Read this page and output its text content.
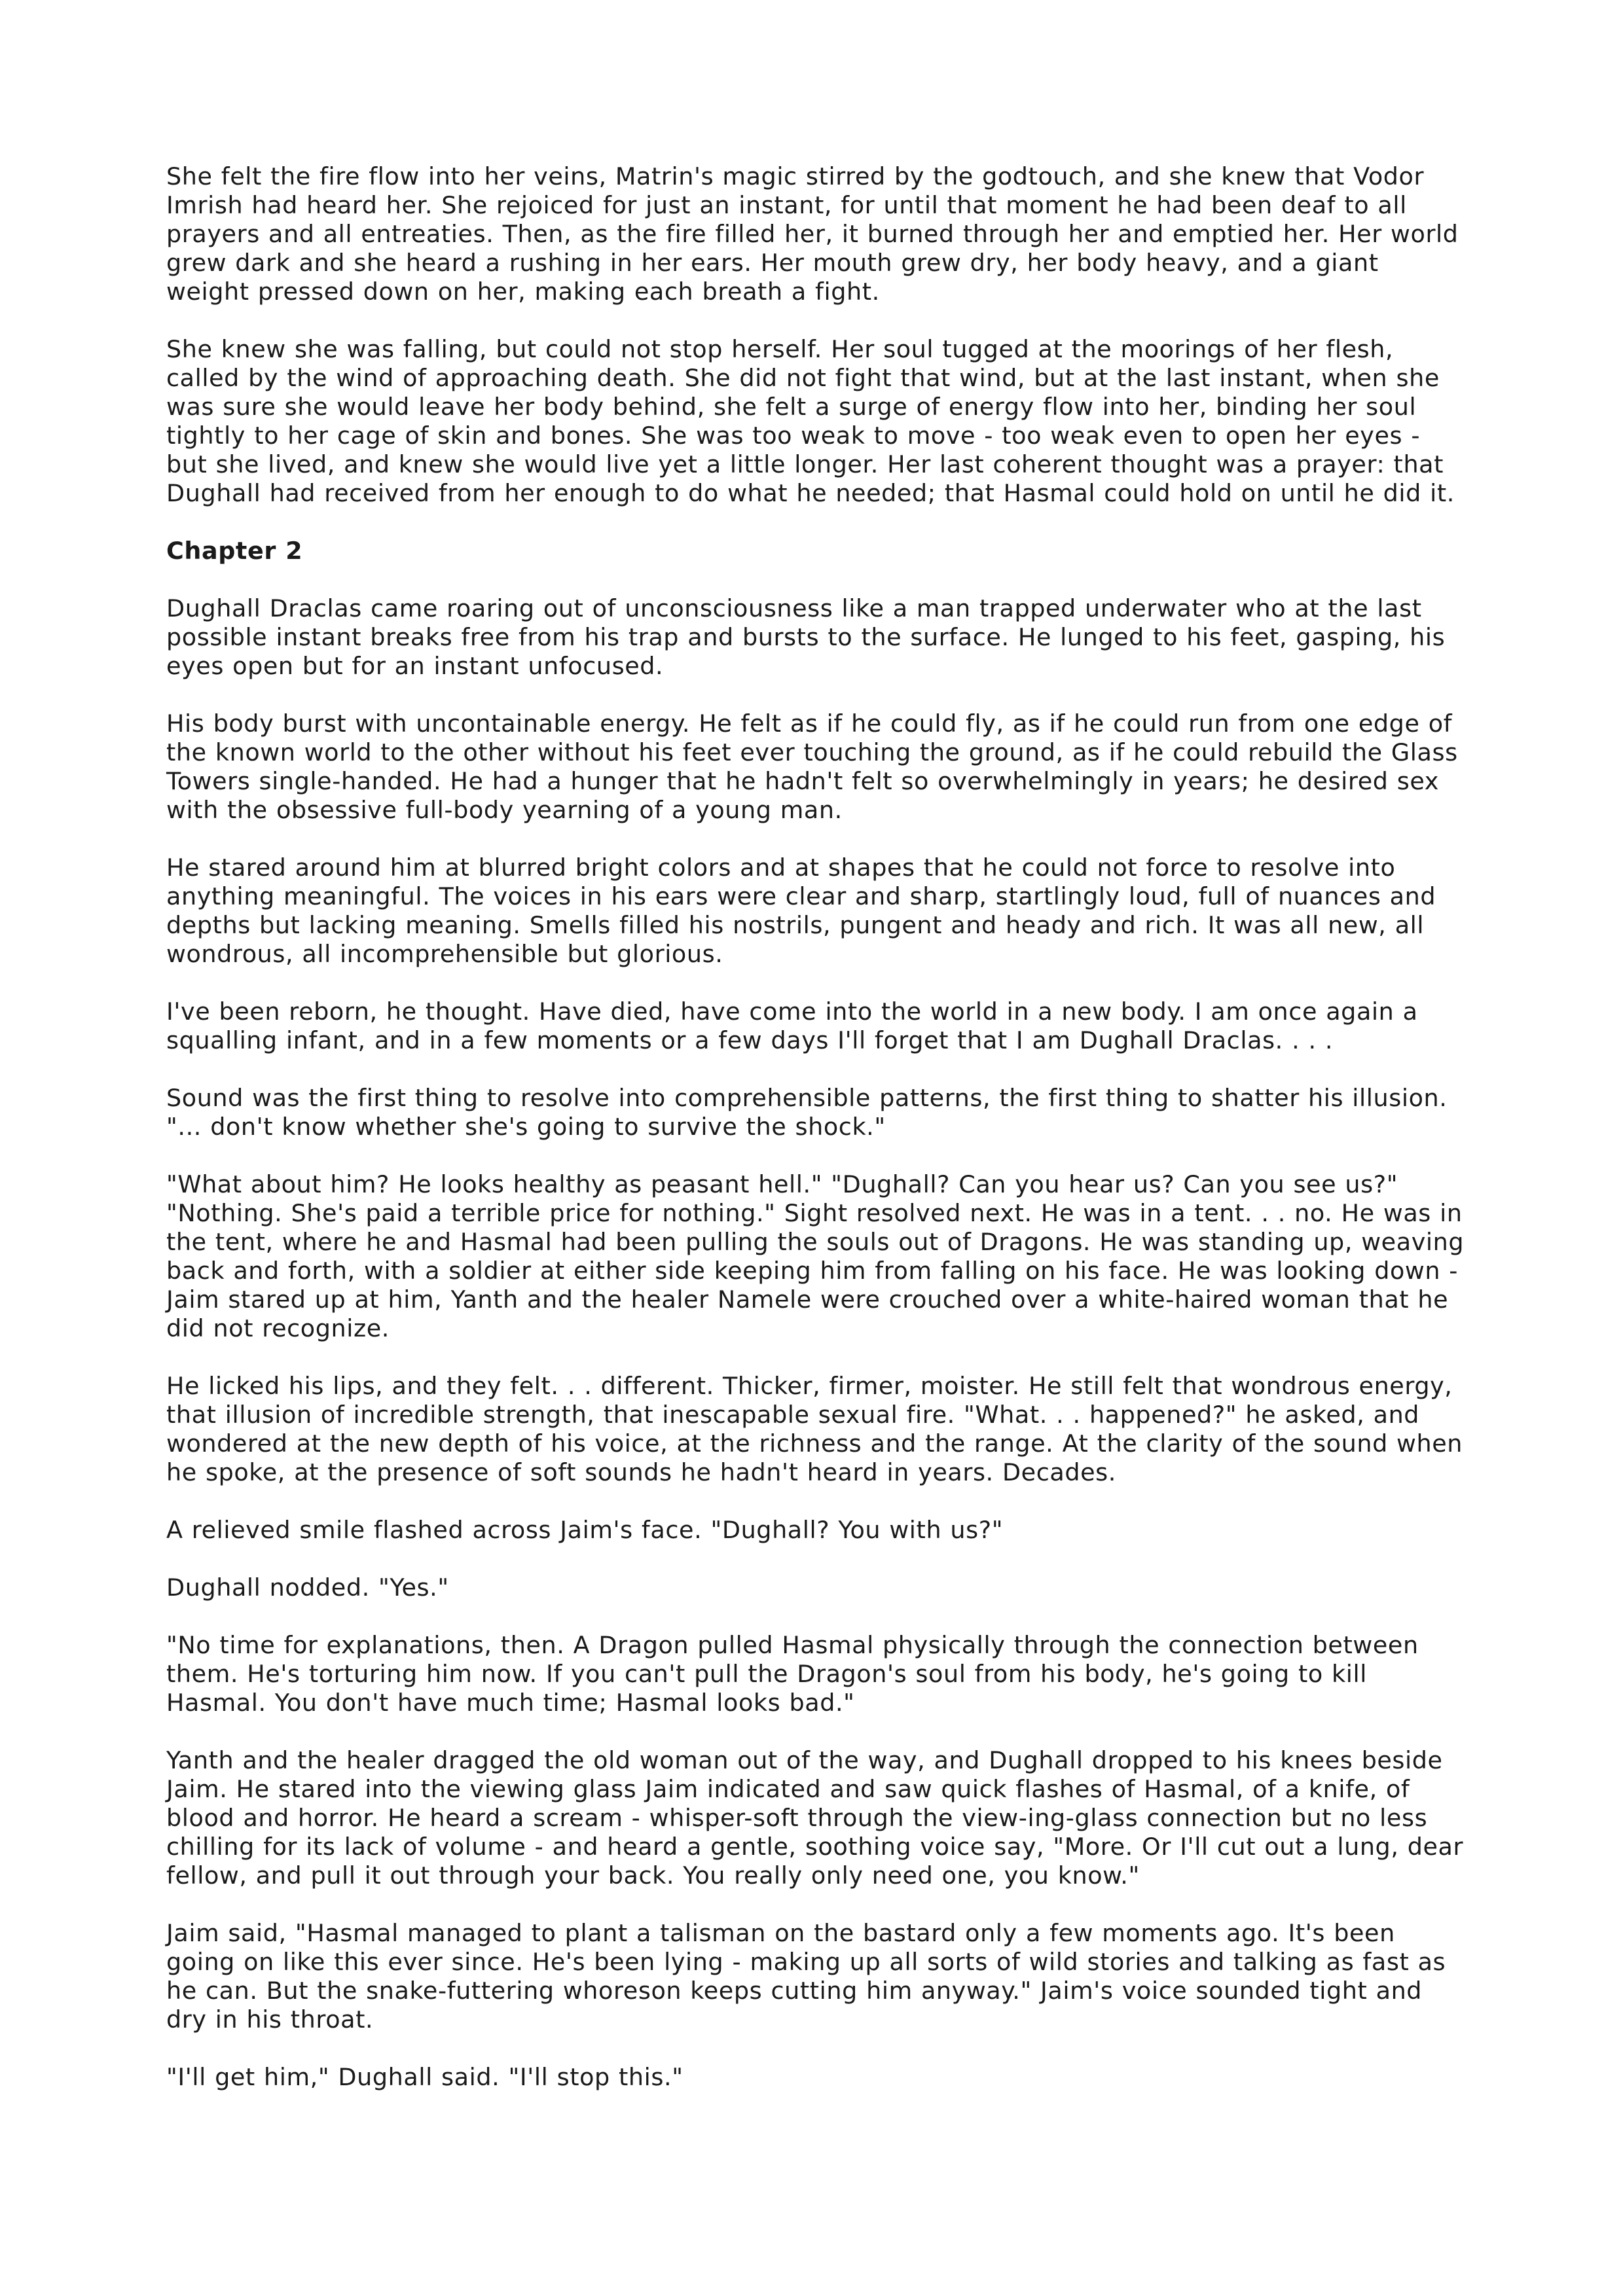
She felt the fire flow into her veins, Matrin's magic stirred by the godtouch, and she knew that Vodor Imrish had heard her. She rejoiced for just an instant, for until that moment he had been deaf to all prayers and all entreaties. Then, as the fire filled her, it burned through her and emptied her. Her world grew dark and she heard a rushing in her ears. Her mouth grew dry, her body heavy, and a giant weight pressed down on her, making each breath a fight.

She knew she was falling, but could not stop herself. Her soul tugged at the moorings of her flesh, called by the wind of approaching death. She did not fight that wind, but at the last instant, when she was sure she would leave her body behind, she felt a surge of energy flow into her, binding her soul tightly to her cage of skin and bones. She was too weak to move - too weak even to open her eyes - but she lived, and knew she would live yet a little longer. Her last coherent thought was a prayer: that Dughall had received from her enough to do what he needed; that Hasmal could hold on until he did it.

Chapter 2

Dughall Draclas came roaring out of unconsciousness like a man trapped underwater who at the last possible instant breaks free from his trap and bursts to the surface. He lunged to his feet, gasping, his eyes open but for an instant unfocused.

His body burst with uncontainable energy. He felt as if he could fly, as if he could run from one edge of the known world to the other without his feet ever touching the ground, as if he could rebuild the Glass Towers single-handed. He had a hunger that he hadn't felt so overwhelmingly in years; he desired sex with the obsessive full-body yearning of a young man.

He stared around him at blurred bright colors and at shapes that he could not force to resolve into anything meaningful. The voices in his ears were clear and sharp, startlingly loud, full of nuances and depths but lacking meaning. Smells filled his nostrils, pungent and heady and rich. It was all new, all wondrous, all incomprehensible but glorious.

I've been reborn, he thought. Have died, have come into the world in a new body. I am once again a squalling infant, and in a few moments or a few days I'll forget that I am Dughall Draclas. . . .

Sound was the first thing to resolve into comprehensible patterns, the first thing to shatter his illusion. "... don't know whether she's going to survive the shock."

"What about him? He looks healthy as peasant hell." "Dughall? Can you hear us? Can you see us?" "Nothing. She's paid a terrible price for nothing." Sight resolved next. He was in a tent. . . no. He was in the tent, where he and Hasmal had been pulling the souls out of Dragons. He was standing up, weaving back and forth, with a soldier at either side keeping him from falling on his face. He was looking down - Jaim stared up at him, Yanth and the healer Namele were crouched over a white-haired woman that he did not recognize.

He licked his lips, and they felt. . . different. Thicker, firmer, moister. He still felt that wondrous energy, that illusion of incredible strength, that inescapable sexual fire. "What. . . happened?" he asked, and wondered at the new depth of his voice, at the richness and the range. At the clarity of the sound when he spoke, at the presence of soft sounds he hadn't heard in years. Decades.

A relieved smile flashed across Jaim's face. "Dughall? You with us?"

Dughall nodded. "Yes."

"No time for explanations, then. A Dragon pulled Hasmal physically through the connection between them. He's torturing him now. If you can't pull the Dragon's soul from his body, he's going to kill Hasmal. You don't have much time; Hasmal looks bad."

Yanth and the healer dragged the old woman out of the way, and Dughall dropped to his knees beside Jaim. He stared into the viewing glass Jaim indicated and saw quick flashes of Hasmal, of a knife, of blood and horror. He heard a scream - whisper-soft through the view-ing-glass connection but no less chilling for its lack of volume - and heard a gentle, soothing voice say, "More. Or I'll cut out a lung, dear fellow, and pull it out through your back. You really only need one, you know."

Jaim said, "Hasmal managed to plant a talisman on the bastard only a few moments ago. It's been going on like this ever since. He's been lying - making up all sorts of wild stories and talking as fast as he can. But the snake-futtering whoreson keeps cutting him anyway." Jaim's voice sounded tight and dry in his throat.

"I'll get him," Dughall said. "I'll stop this."
